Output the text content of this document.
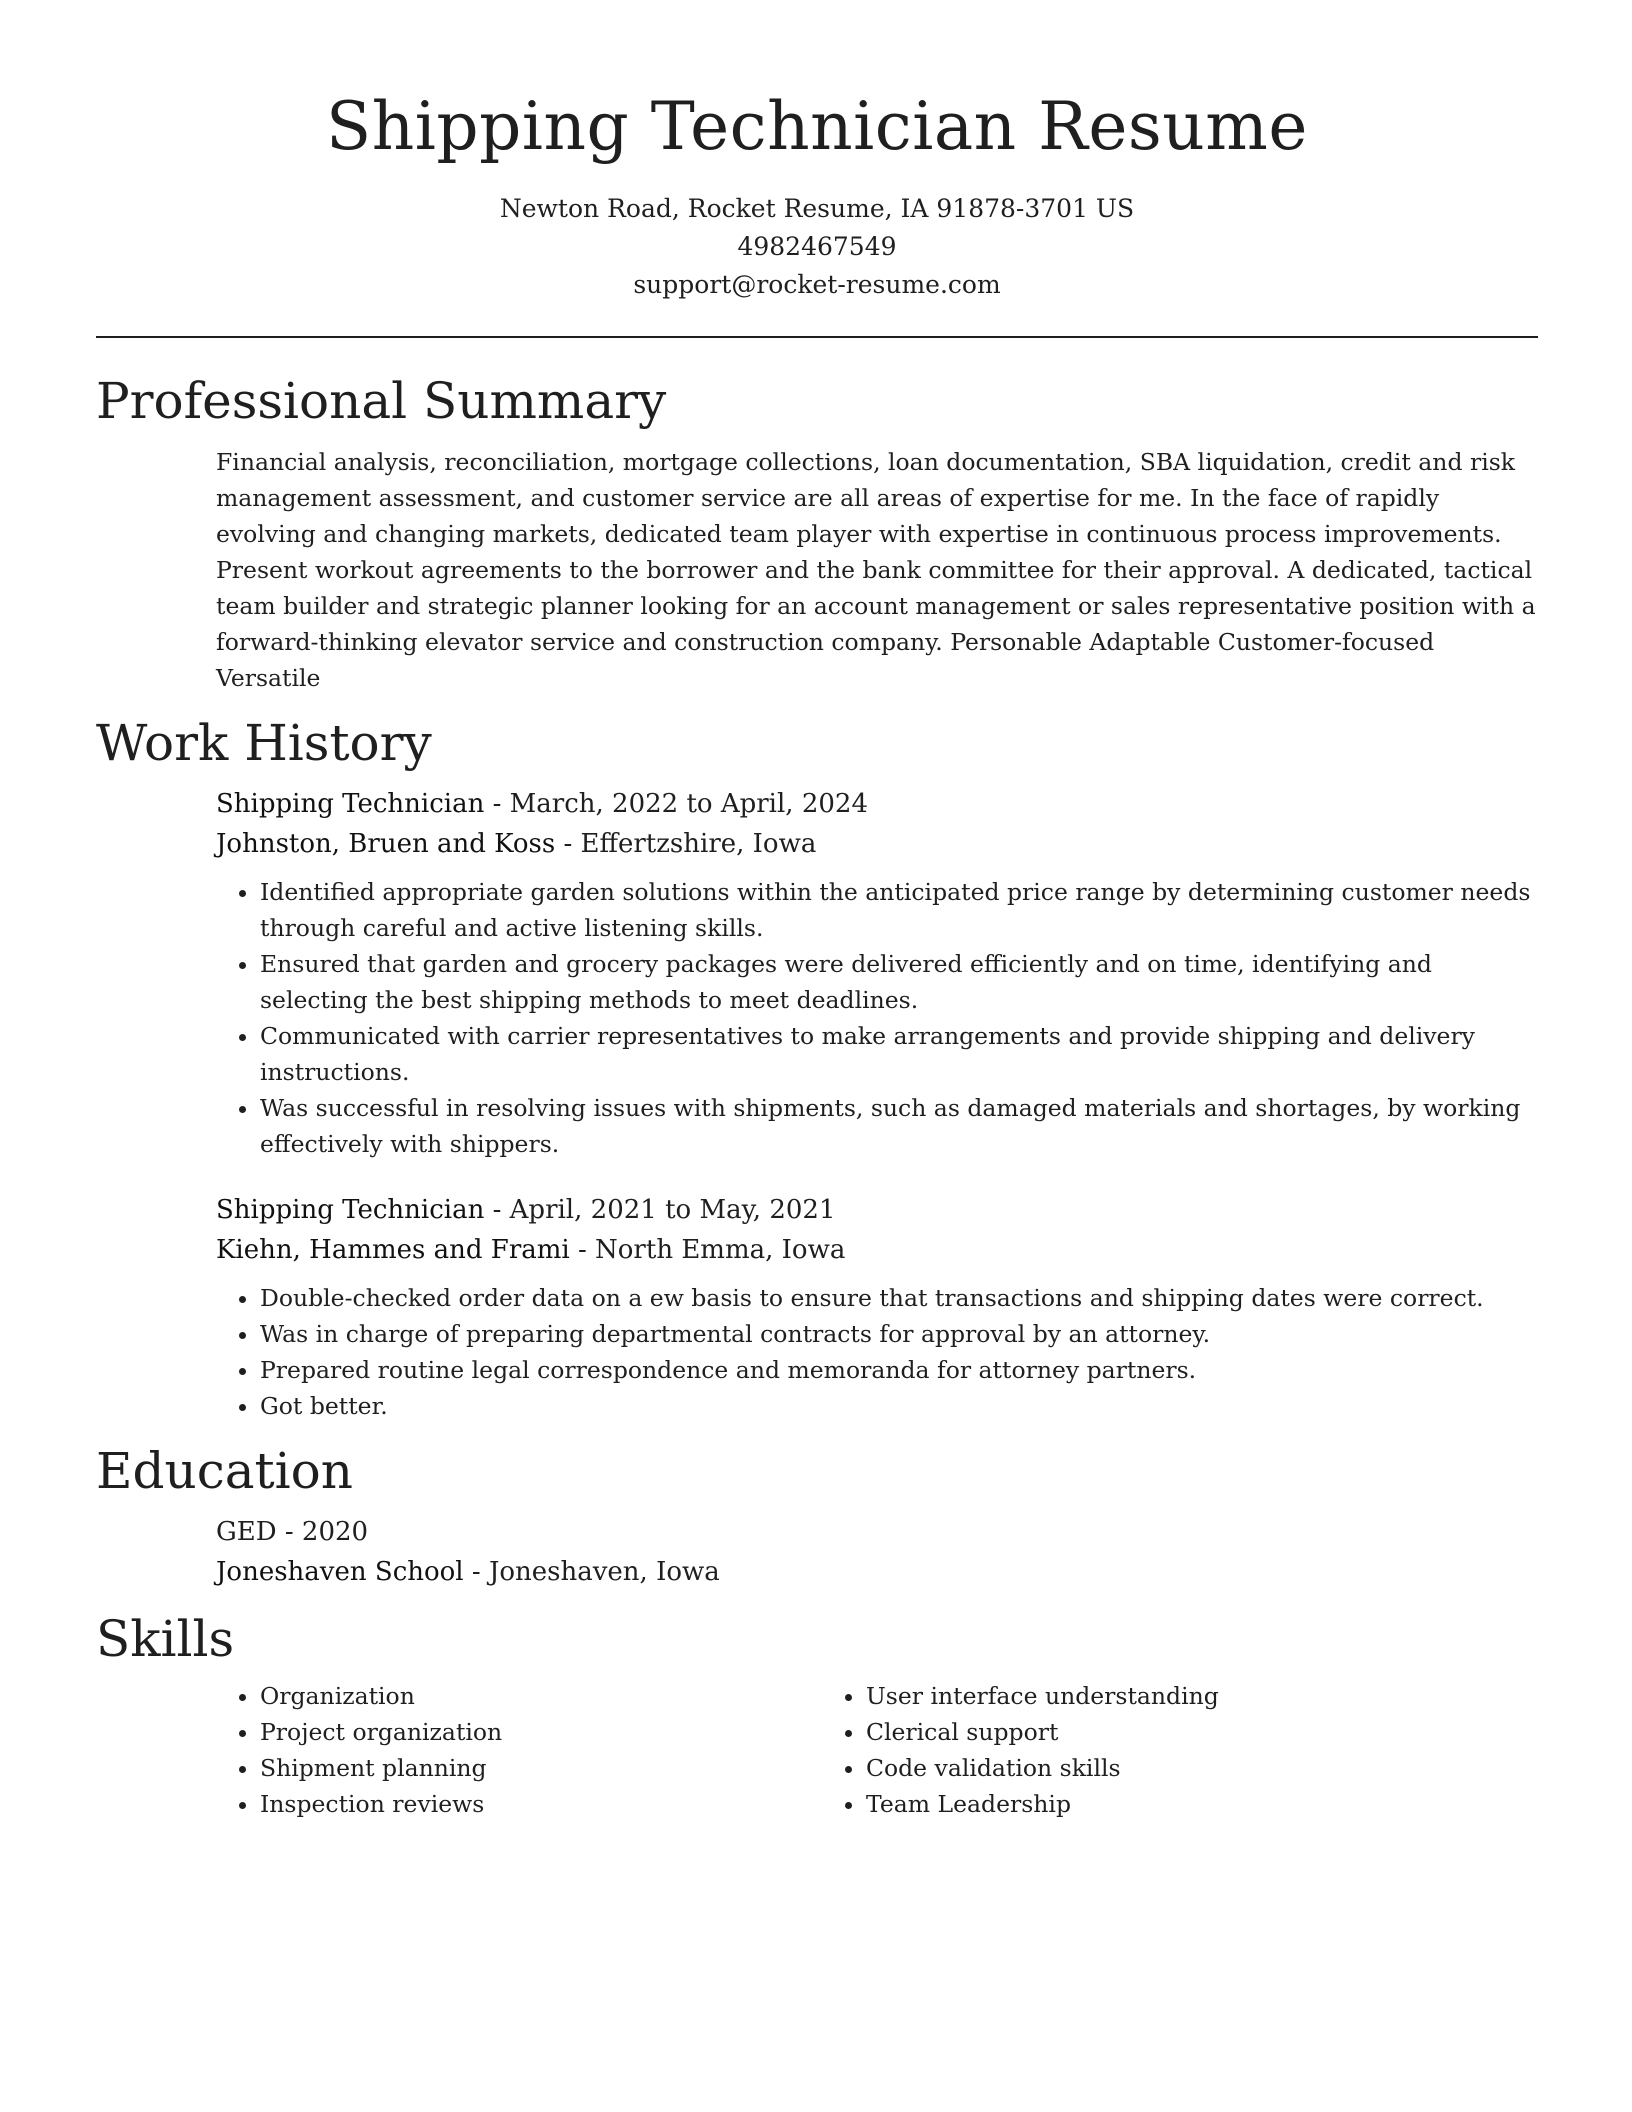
Shipping Technician Resume
Newton Road, Rocket Resume, IA 91878-3701 US
4982467549
support@rocket-resume.com
Professional Summary

Financial analysis, reconciliation, mortgage collections, loan documentation, SBA liquidation, credit and risk management assessment, and customer service are all areas of expertise for me. In the face of rapidly evolving and changing markets, dedicated team player with expertise in continuous process improvements. Present workout agreements to the borrower and the bank committee for their approval. A dedicated, tactical team builder and strategic planner looking for an account management or sales representative position with a forward-thinking elevator service and construction company. Personable Adaptable Customer-focused Versatile

Work History
Shipping Technician - March, 2022 to April, 2024
Johnston, Bruen and Koss - Effertzshire, Iowa
• Identified appropriate garden solutions within the anticipated price range by determining customer needs through careful and active listening skills.
• Ensured that garden and grocery packages were delivered efficiently and on time, identifying and selecting the best shipping methods to meet deadlines.
• Communicated with carrier representatives to make arrangements and provide shipping and delivery instructions.
• Was successful in resolving issues with shipments, such as damaged materials and shortages, by working effectively with shippers.
Shipping Technician - April, 2021 to May, 2021
Kiehn, Hammes and Frami - North Emma, Iowa
• Double-checked order data on a ew basis to ensure that transactions and shipping dates were correct.
• Was in charge of preparing departmental contracts for approval by an attorney.
• Prepared routine legal correspondence and memoranda for attorney partners.
• Got better.
Education
GED - 2020
Joneshaven School - Joneshaven, Iowa
Skills
• Organization
• Project organization
• Shipment planning
• Inspection reviews
• User interface understanding
• Clerical support
• Code validation skills
• Team Leadership
